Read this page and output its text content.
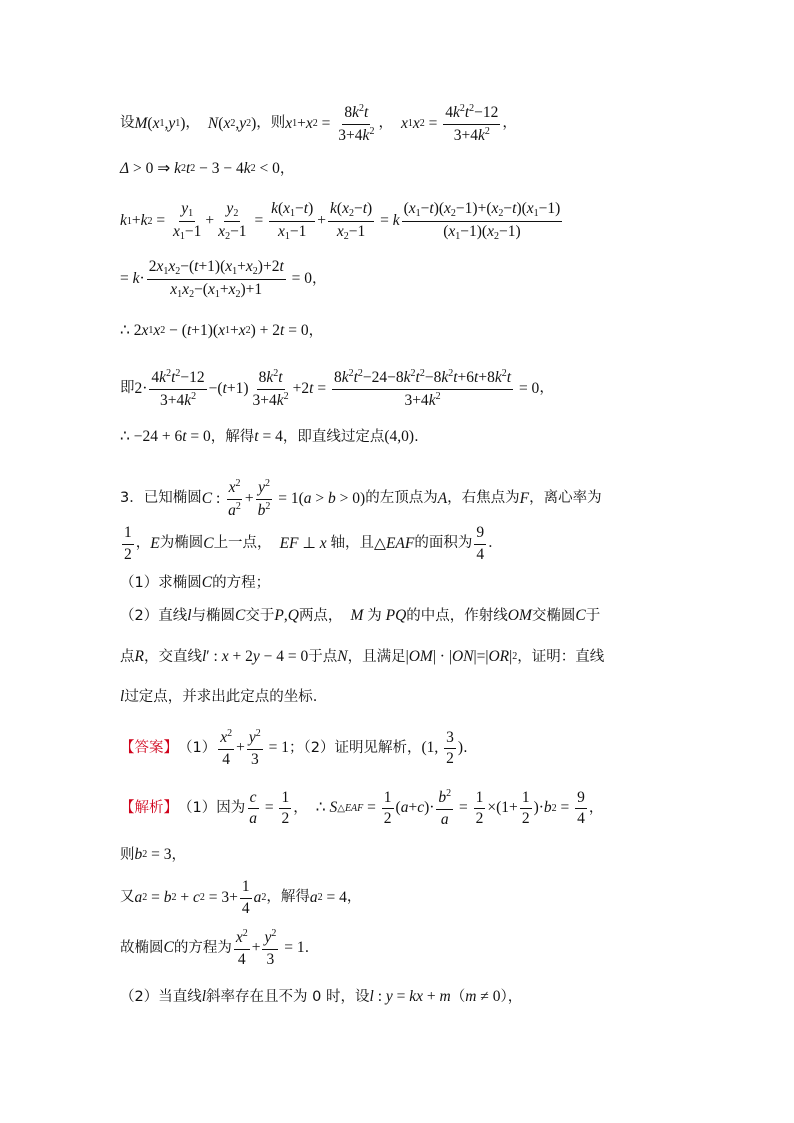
设 M ( x 1 , y 1 ) ， N ( x 2 , y 2 ) ，则 x 1 + x $2 = \frac{8k^2t}{3+4k^2}$ ， x 1 x $2 = \frac{4k^2t^2-12}{3+4k^2}$ ，
Δ > 0 ⇒ k 2 t 2 − 3 − 4 k 2 < 0 ，
k 1 + k $2 = \frac{y_1}{x_1-1} + \frac{y_2}{x_2-1} = \frac{k(x_1-t)}{x_1-1} + \frac{k(x_2-t)}{x_2-1} = k \frac{(x_1-t)(x_2-1)+(x_2-t)(x_1-1)}{(x_1-1)(x_2-1)}$
= $k \cdot \frac{2x_1x_2-(t+1)(x_1+x_2)+2t}{x_1x_2-(x_1+x_2)+1} = 0$ ，
∴ 2 x 1 x 2 − ( t +1)( x 1 + x 2 ) + 2 t = 0 ，
即 $2\cdot \frac{4k^2t^2-12}{3+4k^2}$ −( $t +1) \frac{8k^2t}{3+4k^2} +2$ $t = \frac{8k^2t^2-24-8k^2t^2-8k^2t+6t+8k^2t}{3+4k^2} = 0$ ，
∴ −24 + 6 t = 0 ，解得 t = 4 ，即直线过定点 (4,0) .
3．已知椭圆 C : $\frac{x^2}{a^2} + \frac{y^2}{b^2} = 1$( a > b > 0) 的左顶点为 A ，右焦点为 F ，离心率为
$\frac{1}{2}$ ， E 为椭圆 C 上一点， EF ⊥ x
轴，且 △ EAF 的面积为 $\frac{9}{4}$ ．
（1）求椭圆 C 的方程；
（2）直线 l 与椭圆 C 交于 P , Q 两点， M
为
PQ 的中点，作射线 OM 交椭圆 C 于
点 R ，交直线 l ′ : x + 2 y − 4 = 0 于点 N ，且满足 | OM | · | ON |=| OR | 2 ，证明：直线
l 过定点，并求出此定点的坐标.
【答案】 $(1) \frac{x^2}{4} + \frac{y^2}{3} = 1$ ；（2）证明见解析， (1, $\frac{3}{2}$ ) .
【解析】 （1）因为 $\frac{c}{a} = \frac{1}{2}$ ， ∴ S △EAF = $\frac{1}{2}$ ( a + c )· $\frac{b^2}{a} = \frac{1}{2} \times(1+ \frac{1}{2}$ )· b $2 = \frac{9}{4}$ ，
则 b 2 = 3 ，
又 a 2 = b 2 + c $2 = 3+ \frac{1}{4}$ a 2 ，解得 a 2 = 4 ，
故椭圆 C 的方程为 $\frac{x^2}{4} + \frac{y^2}{3} = 1$ .
（2）当直线 l 斜率存在且不为 0 时，设 l : y = kx + m （ m ≠ 0 ），
